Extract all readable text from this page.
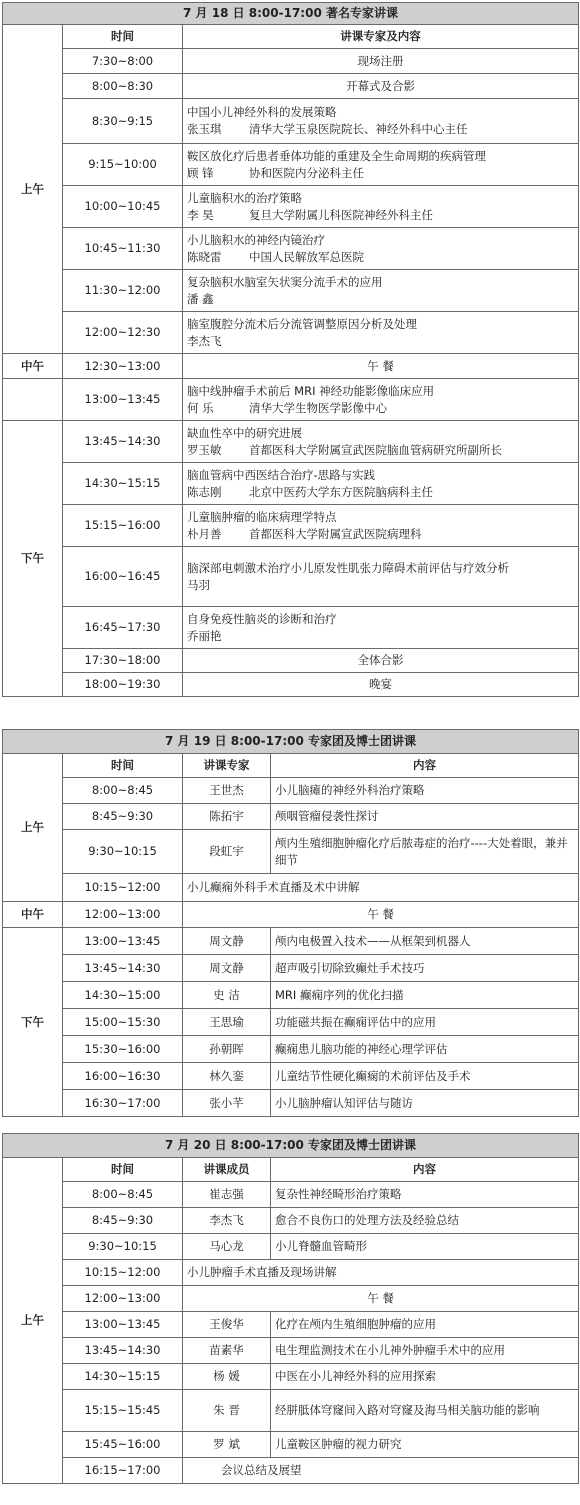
7 月 18 日 8:00-17:00 著名专家讲课		
上午	时间	讲课专家及内容
	7:30~8:00	现场注册
	8:00~8:30	开幕式及合影
	8:30~9:15	中国小儿神经外科的发展策略
张玉琪 清华大学玉泉医院院长、神经外科中心主任

	9:15~10:00	鞍区放化疗后患者垂体功能的重建及全生命周期的疾病管理
顾 锋 协和医院内分泌科主任

	10:00~10:45	儿童脑积水的治疗策略
李 昊 复旦大学附属儿科医院神经外科主任

	10:45~11:30	小儿脑积水的神经内镜治疗
陈晓雷 中国人民解放军总医院

	11:30~12:00	复杂脑积水脑室矢状窦分流手术的应用
潘 鑫

	12:00~12:30	脑室腹腔分流术后分流管调整原因分析及处理
李杰飞

中午	12:30~13:00	午 餐
	13:00~13:45	脑中线肿瘤手术前后 MRI 神经功能影像临床应用
何 乐 清华大学生物医学影像中心

下午	13:45~14:30	缺血性卒中的研究进展
罗玉敏 首都医科大学附属宣武医院脑血管病研究所副所长

	14:30~15:15	脑血管病中西医结合治疗-思路与实践
陈志刚 北京中医药大学东方医院脑病科主任

	15:15~16:00	儿童脑肿瘤的临床病理学特点
朴月善 首都医科大学附属宣武医院病理科

	16:00~16:45	脑深部电刺激术治疗小儿原发性肌张力障碍术前评估与疗效分析
马羽

	16:45~17:30	自身免疫性脑炎的诊断和治疗
乔丽艳

	17:30~18:00	全体合影
	18:00~19:30	晚宴
7 月 19 日 8:00-17:00 专家团及博士团讲课			
上午	时间	讲课专家	内容
	8:00~8:45	王世杰	小儿脑瘫的神经外科治疗策略
	8:45~9:30	陈拓宇	颅咽管瘤侵袭性探讨
	9:30~10:15	段虹宇	颅内生殖细胞肿瘤化疗后脓毒症的治疗----大处着眼，兼并细节
	10:15~12:00	小儿癫痫外科手术直播及术中讲解	
中午	12:00~13:00	午 餐	
下午	13:00~13:45	周文静	颅内电极置入技术——从框架到机器人
	13:45~14:30	周文静	超声吸引切除致癫灶手术技巧
	14:30~15:00	史 洁	MRI 癫痫序列的优化扫描
	15:00~15:30	王思瑜	功能磁共振在癫痫评估中的应用
	15:30~16:00	孙朝晖	癫痫患儿脑功能的神经心理学评估
	16:00~16:30	林久銮	儿童结节性硬化癫痫的术前评估及手术
	16:30~17:00	张小芊	小儿脑肿瘤认知评估与随访
7 月 20 日 8:00-17:00 专家团及博士团讲课			
上午	时间	讲课成员	内容
	8:00~8:45	崔志强	复杂性神经畸形治疗策略
	8:45~9:30	李杰飞	愈合不良伤口的处理方法及经验总结
	9:30~10:15	马心龙	小儿脊髓血管畸形
	10:15~12:00	小儿肿瘤手术直播及现场讲解	
	12:00~13:00	午 餐	
	13:00~13:45	王俊华	化疗在颅内生殖细胞肿瘤的应用
	13:45~14:30	苗素华	电生理监测技术在小儿神外肿瘤手术中的应用
	14:30~15:15	杨 媛	中医在小儿神经外科的应用探索
	15:15~15:45	朱 晋	经胼胝体穹窿间入路对穹窿及海马相关脑功能的影响
	15:45~16:00	罗 斌	儿童鞍区肿瘤的视力研究
	16:15~17:00	会议总结及展望	
